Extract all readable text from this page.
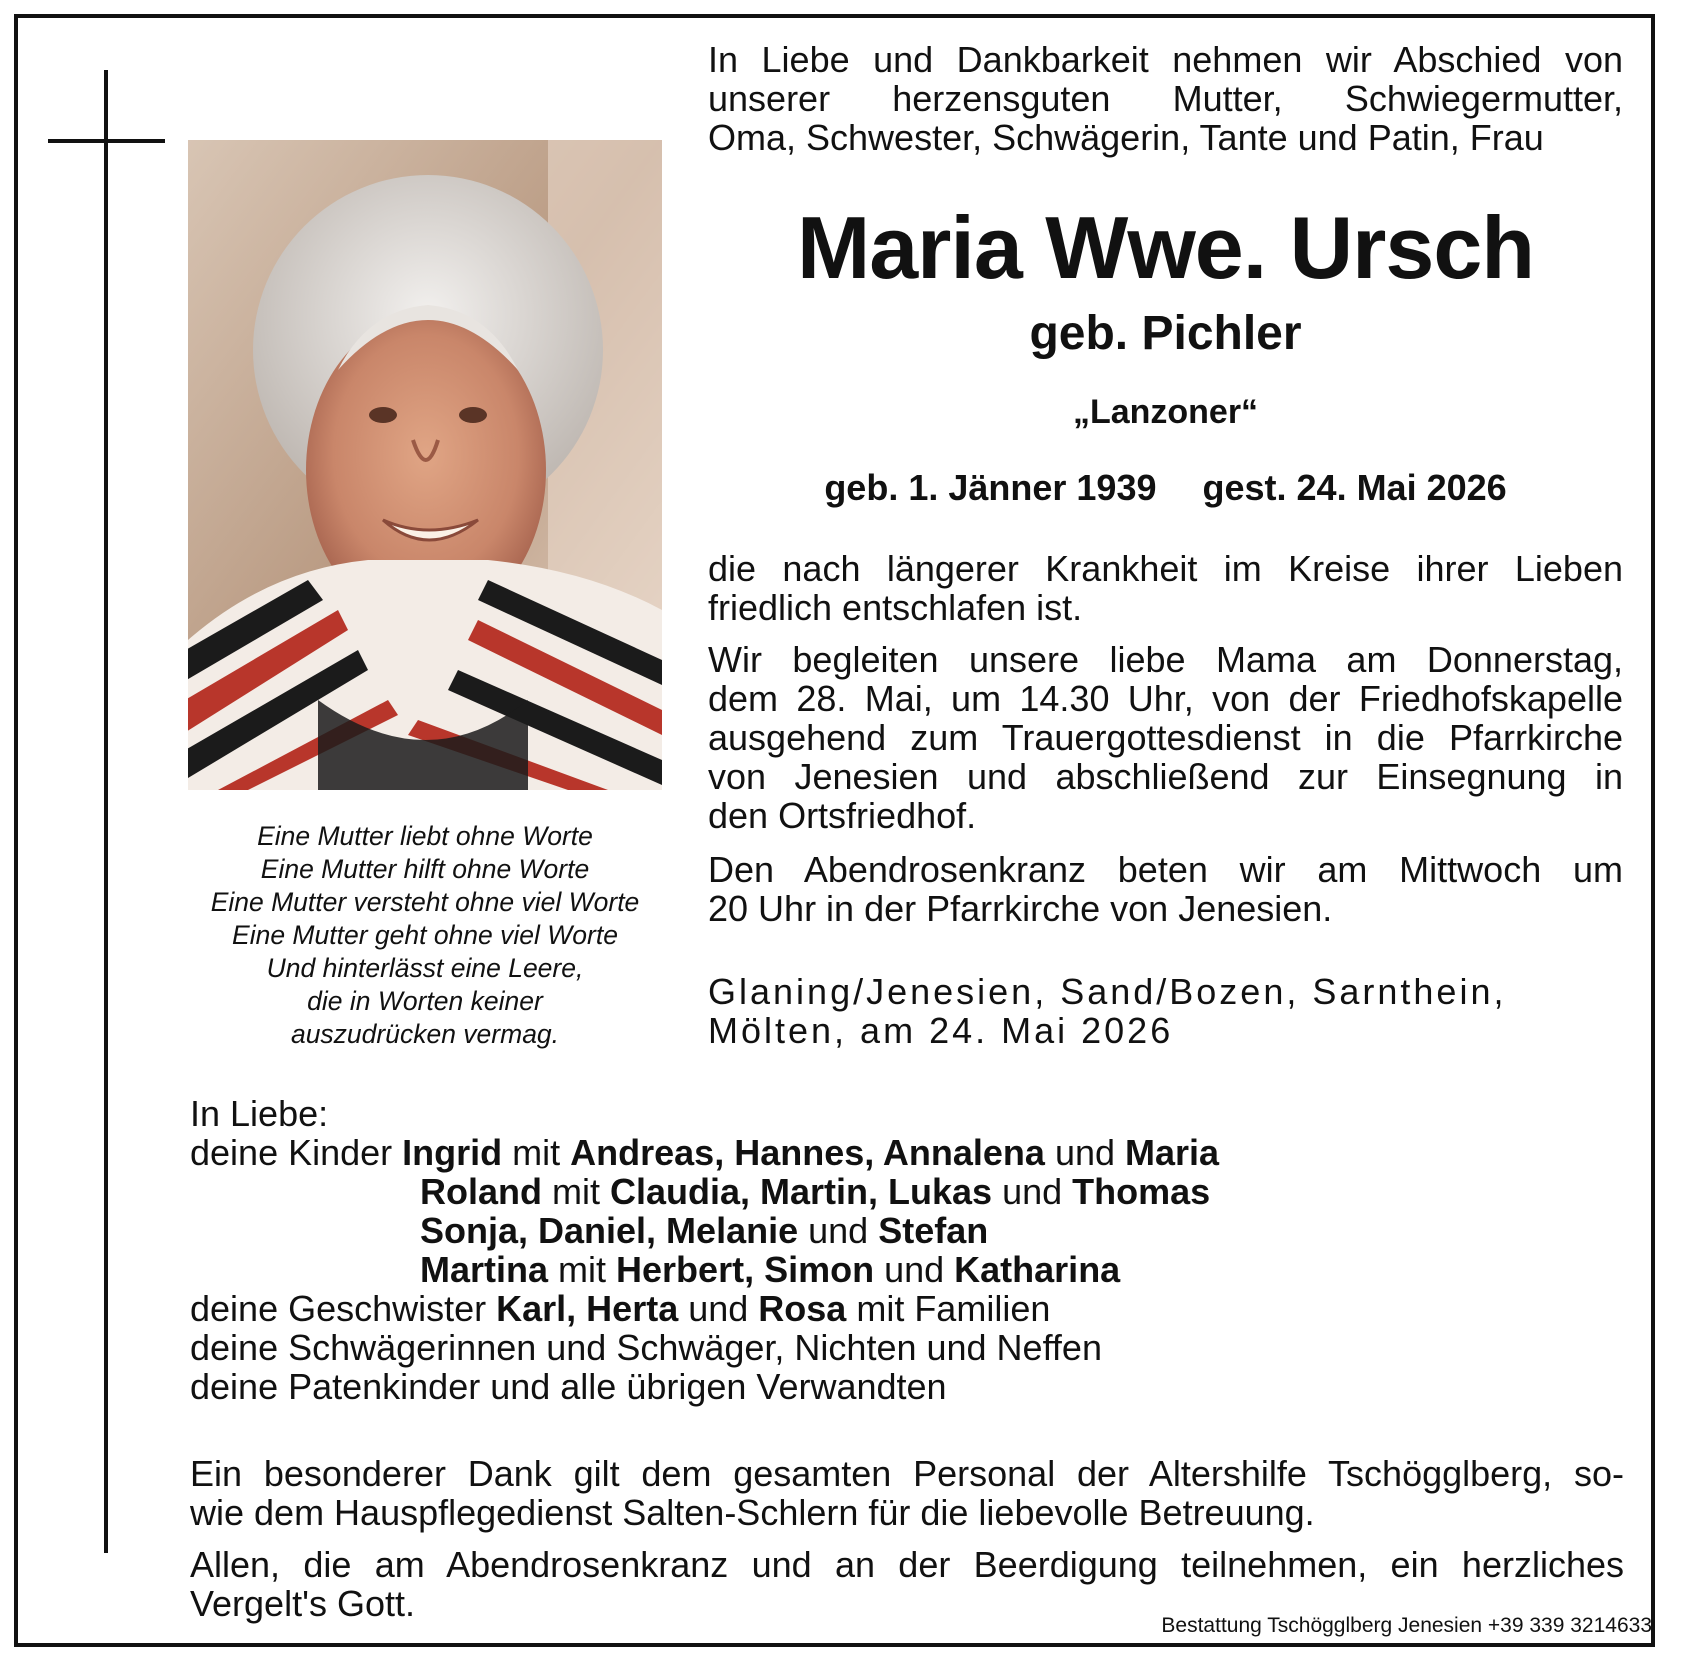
Eine Mutter liebt ohne Worte
Eine Mutter hilft ohne Worte
Eine Mutter versteht ohne viel Worte
Eine Mutter geht ohne viel Worte
Und hinterlässt eine Leere,
die in Worten keiner
auszudrücken vermag.
In Liebe und Dankbarkeit nehmen wir Abschied von
unserer herzensguten Mutter, Schwiegermutter,
Oma, Schwester, Schwägerin, Tante und Patin, Frau
Maria Wwe. Ursch
geb. Pichler
„Lanzoner“
geb. 1. Jänner 1939 gest. 24. Mai 2026
die nach längerer Krankheit im Kreise ihrer Lieben
friedlich entschlafen ist.
Wir begleiten unsere liebe Mama am Donnerstag,
dem 28. Mai, um 14.30 Uhr, von der Friedhofskapelle
ausgehend zum Trauergottesdienst in die Pfarrkirche
von Jenesien und abschließend zur Einsegnung in
den Ortsfriedhof.
Den Abendrosenkranz beten wir am Mittwoch um
20 Uhr in der Pfarrkirche von Jenesien.
Glaning/Jenesien, Sand/Bozen, Sarnthein,
Mölten, am 24. Mai 2026
In Liebe:
deine Kinder Ingrid mit Andreas, Hannes, Annalena und Maria
Roland mit Claudia, Martin, Lukas und Thomas
Sonja, Daniel, Melanie und Stefan
Martina mit Herbert, Simon und Katharina
deine Geschwister Karl, Herta und Rosa mit Familien
deine Schwägerinnen und Schwäger, Nichten und Neffen
deine Patenkinder und alle übrigen Verwandten
Ein besonderer Dank gilt dem gesamten Personal der Altershilfe Tschögglberg, so-
wie dem Hauspflegedienst Salten-Schlern für die liebevolle Betreuung.
Allen, die am Abendrosenkranz und an der Beerdigung teilnehmen, ein herzliches
Vergelt's Gott.
Bestattung Tschögglberg Jenesien +39 339 3214633
